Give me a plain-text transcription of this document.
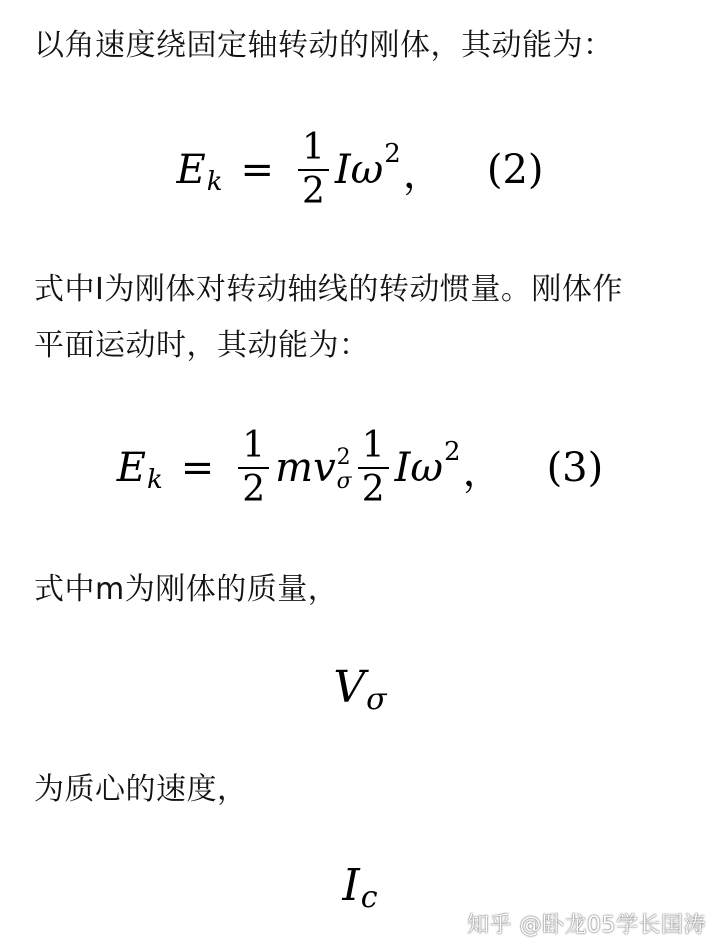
以角速度绕固定轴转动的刚体，其动能为：

E $k = \frac{1}{2}$ Iω 2 ， (2)

式中I为刚体对转动轴线的转动惯量。刚体作

平面运动时，其动能为：

E $k = \frac{1}{2}$ mv 2
σ $\frac{1}{2}$ Iω 2 ， (3)

式中m为刚体的质量，

V σ

为质心的速度，

I c
知乎 @卧龙05学长国涛
